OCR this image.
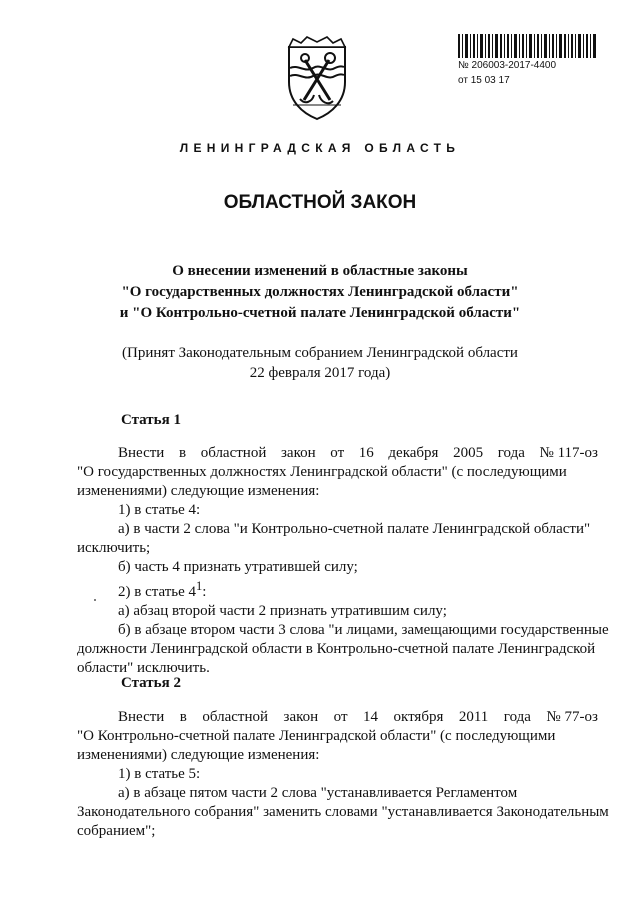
№ 206003-2017-4400
от 15 03 17
ЛЕНИНГРАДСКАЯ ОБЛАСТЬ
ОБЛАСТНОЙ ЗАКОН
О внесении изменений в областные законы
"О государственных должностях Ленинградской области"
и "О Контрольно-счетной палате Ленинградской области"
(Принят Законодательным собранием Ленинградской области
22 февраля 2017 года)
Статья 1
Внести в областной закон от 16 декабря 2005 года № 117-оз
"О государственных должностях Ленинградской области" (с последующими
изменениями) следующие изменения:
1) в статье 4:
а) в части 2 слова "и Контрольно-счетной палате Ленинградской области"
исключить;
б) часть 4 признать утратившей силу;
2) в статье $4^1$:
а) абзац второй части 2 признать утратившим силу;
б) в абзаце втором части 3 слова "и лицами, замещающими государственные
должности Ленинградской области в Контрольно-счетной палате Ленинградской
области" исключить.
Статья 2
Внести в областной закон от 14 октября 2011 года № 77-оз
"О Контрольно-счетной палате Ленинградской области" (с последующими
изменениями) следующие изменения:
1) в статье 5:
а) в абзаце пятом части 2 слова "устанавливается Регламентом
Законодательного собрания" заменить словами "устанавливается Законодательным
собранием";
